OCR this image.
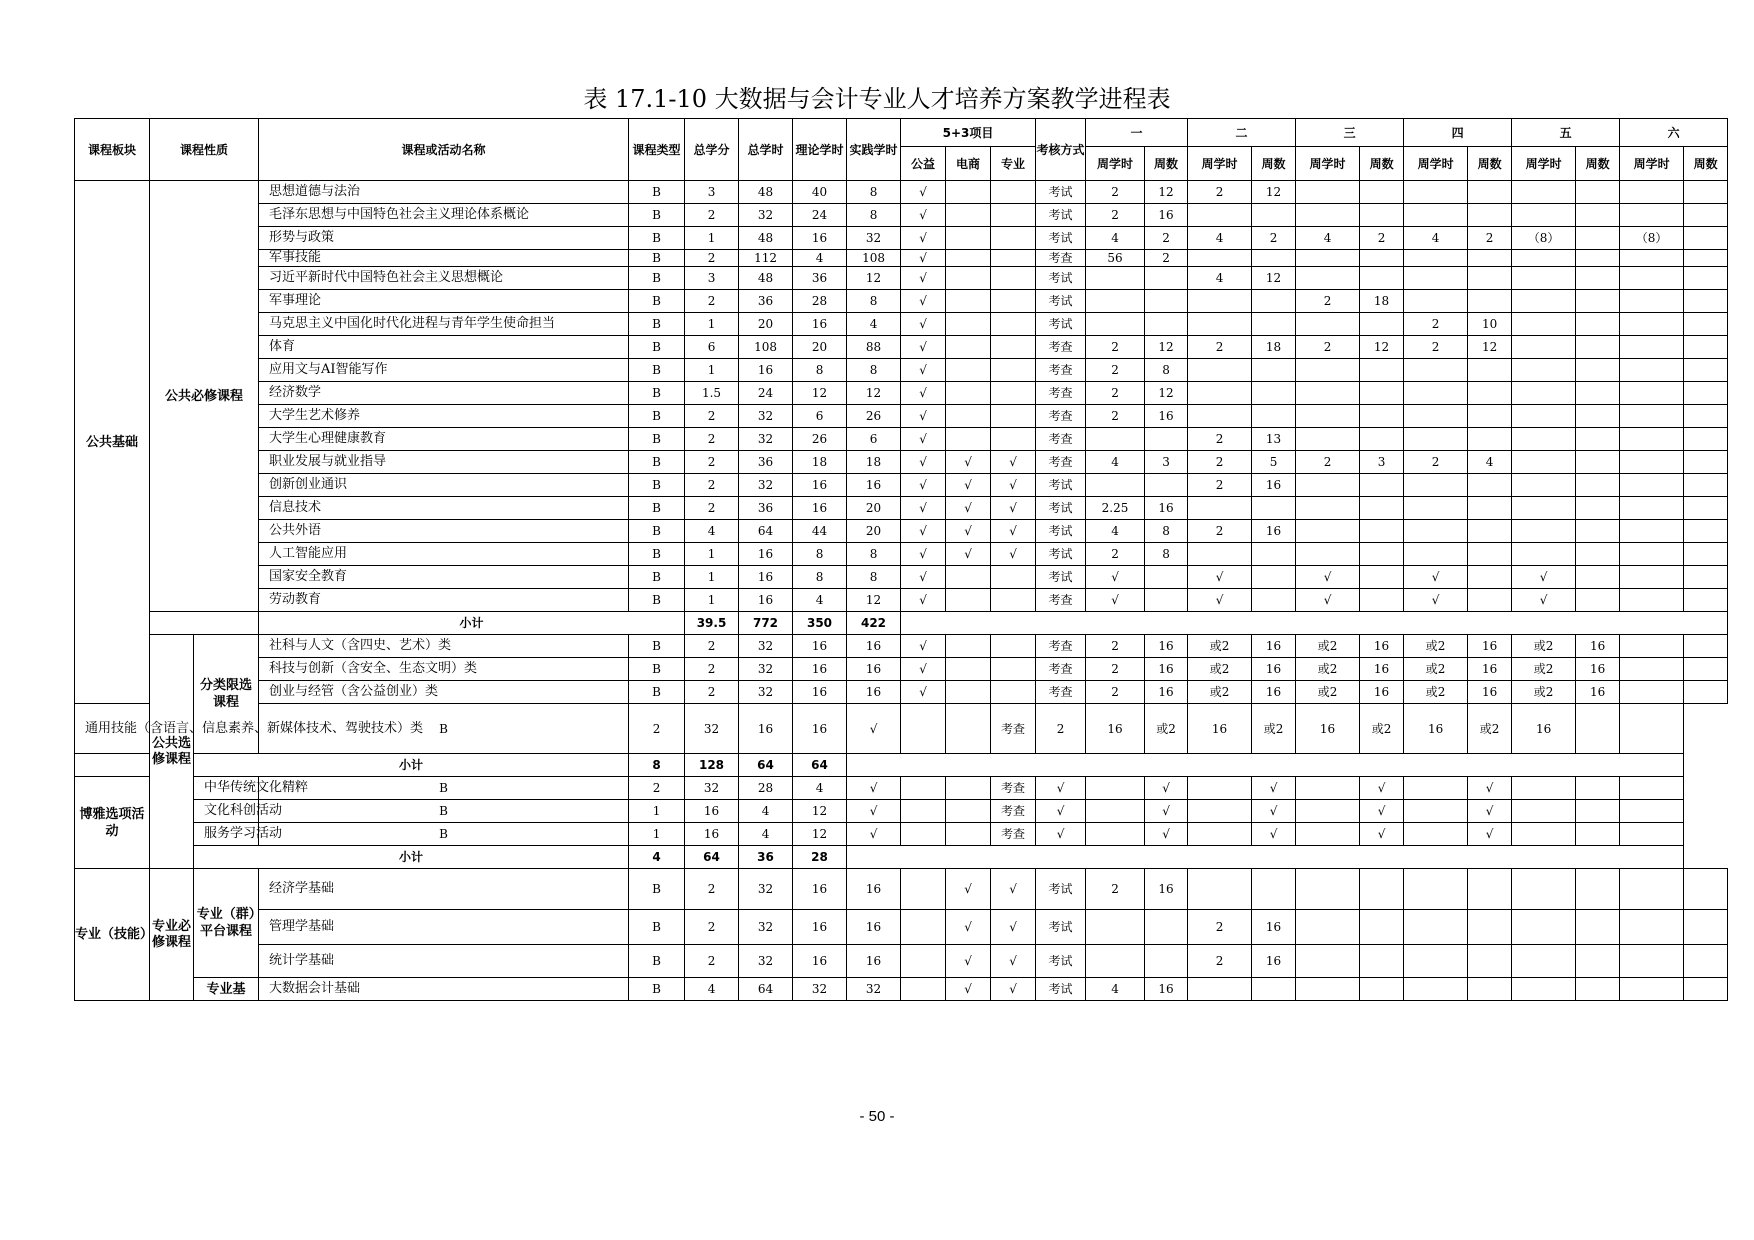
表 17.1-10 大数据与会计专业人才培养方案教学进程表
课程板块	课程性质		课程或活动名称	课程类型	总学分	总学时	理论学时	实践学时	5+3项目			考核方式	一		二		三		四		五		六	
									公益	电商	专业		周学时	周数	周学时	周数	周学时	周数	周学时	周数	周学时	周数	周学时	周数
公共基础	公共必修课程		思想道德与法治	B	3	48	40	8	√			考试	2	12	2	12								
			毛泽东思想与中国特色社会主义理论体系概论	B	2	32	24	8	√			考试	2	16										
			形势与政策	B	1	48	16	32	√			考试	4	2	4	2	4	2	4	2	（8）		（8）	
			军事技能	B	2	112	4	108	√			考查	56	2										
			习近平新时代中国特色社会主义思想概论	B	3	48	36	12	√			考试			4	12								
			军事理论	B	2	36	28	8	√			考试					2	18						
			马克思主义中国化时代化进程与青年学生使命担当	B	1	20	16	4	√			考试							2	10				
			体育	B	6	108	20	88	√			考查	2	12	2	18	2	12	2	12				
			应用文与AI智能写作	B	1	16	8	8	√			考查	2	8										
			经济数学	B	1.5	24	12	12	√			考查	2	12										
			大学生艺术修养	B	2	32	6	26	√			考查	2	16										
			大学生心理健康教育	B	2	32	26	6	√			考查			2	13								
			职业发展与就业指导	B	2	36	18	18	√	√	√	考查	4	3	2	5	2	3	2	4				
			创新创业通识	B	2	32	16	16	√	√	√	考试			2	16								
			信息技术	B	2	36	16	20	√	√	√	考试	2.25	16										
			公共外语	B	4	64	44	20	√	√	√	考试	4	8	2	16								
			人工智能应用	B	1	16	8	8	√	√	√	考试	2	8										
			国家安全教育	B	1	16	8	8	√			考试	√		√		√		√		√			
			劳动教育	B	1	16	4	12	√			考查	√		√		√		√		√			
			小计		39.5	772	350	422																
	公共选修课程	分类限选课程	社科与人文（含四史、艺术）类	B	2	32	16	16	√			考查	2	16	或2	16	或2	16	或2	16	或2	16		
			科技与创新（含安全、生态文明）类	B	2	32	16	16	√			考查	2	16	或2	16	或2	16	或2	16	或2	16		
			创业与经管（含公益创业）类	B	2	32	16	16	√			考查	2	16	或2	16	或2	16	或2	16	或2	16		
通用技能（含语言、信息素养、新媒体技术、驾驶技术）类			B	2	32	16	16	√			考查	2	16	或2	16	或2	16	或2	16	或2	16			
		小计		8	128	64	64																	
博雅选项活动		中华传统文化精粹	B	2	32	28	4	√			考查	√		√		√		√		√				
		文化科创活动	B	1	16	4	12	√			考查	√		√		√		√		√				
		服务学习活动	B	1	16	4	12	√			考查	√		√		√		√		√				
		小计		4	64	36	28																	
专业（技能）	专业必修课程	专业（群）平台课程	经济学基础	B	2	32	16	16		√	√	考试	2	16										
			管理学基础	B	2	32	16	16		√	√	考试			2	16								
			统计学基础	B	2	32	16	16		√	√	考试			2	16								
		专业基	大数据会计基础	B	4	64	32	32		√	√	考试	4	16										
- 50 -
